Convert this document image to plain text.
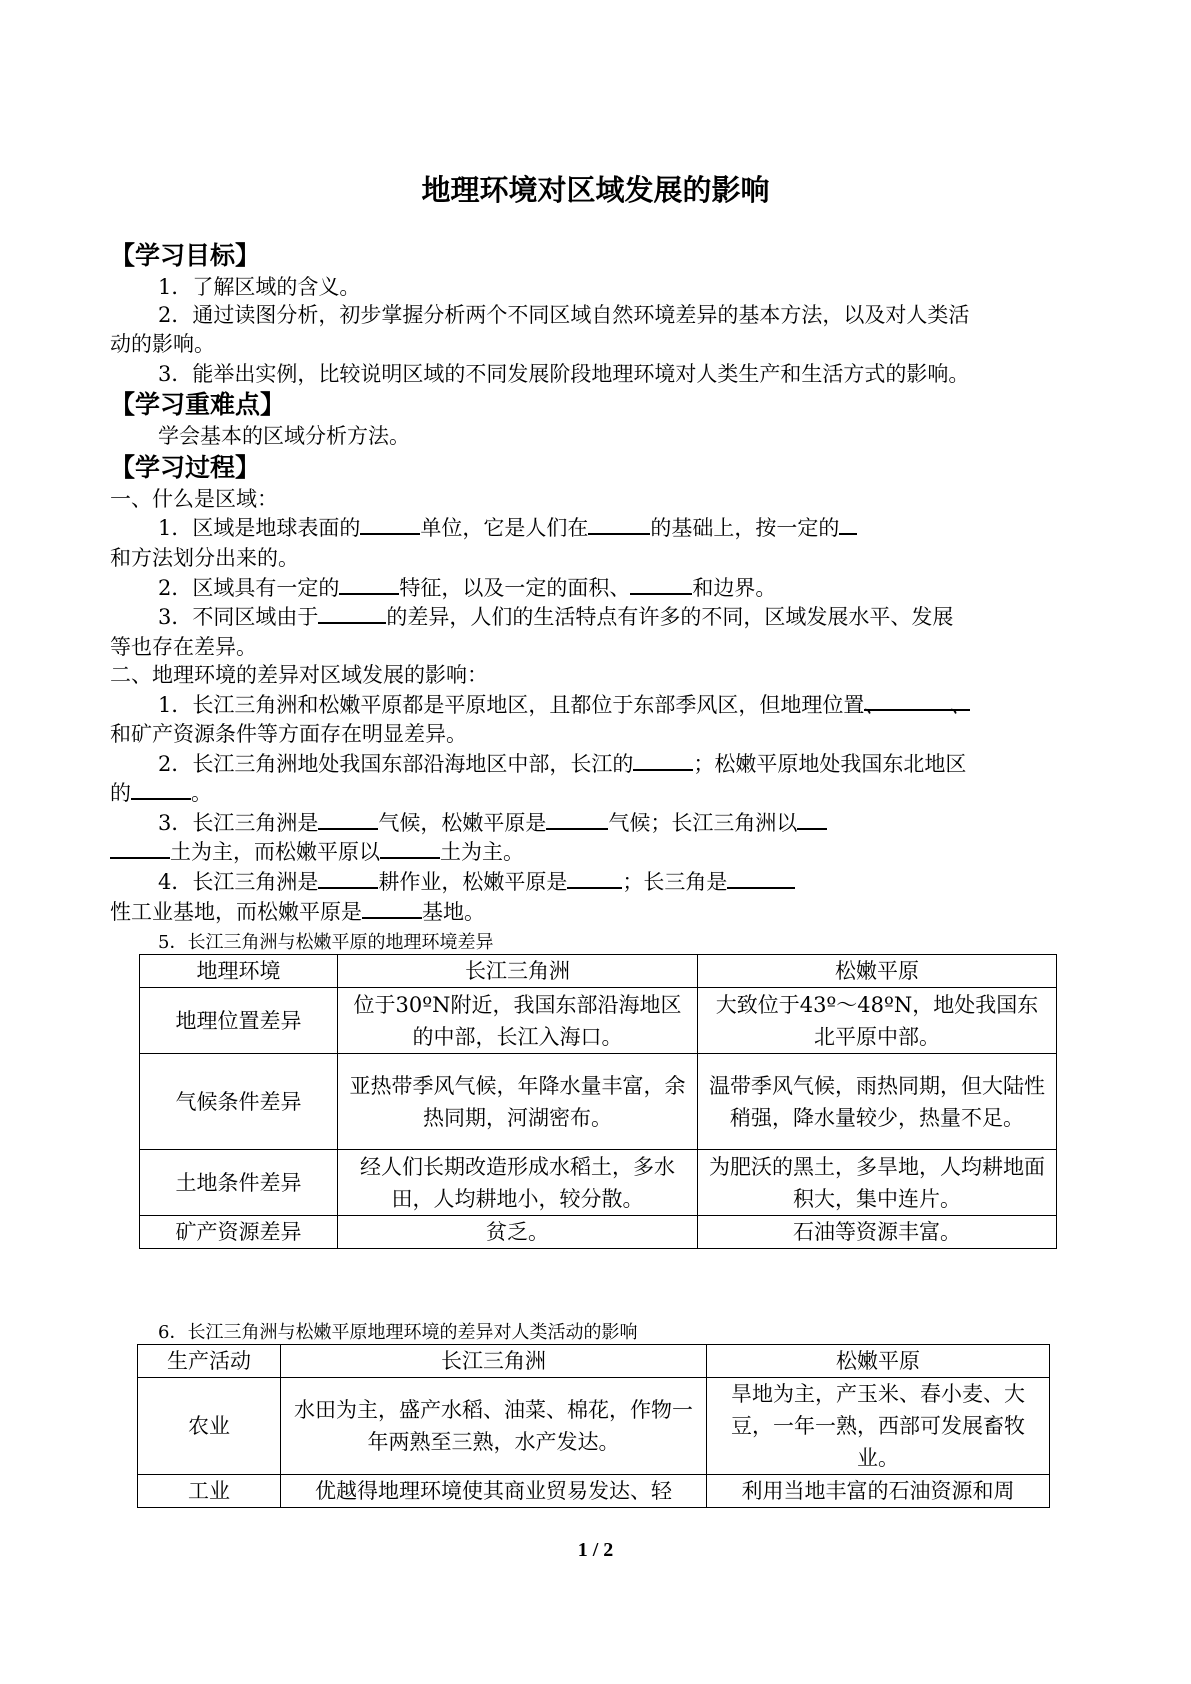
地理环境对区域发展的影响
【学习目标】
1．了解区域的含义。
2．通过读图分析，初步掌握分析两个不同区域自然环境差异的基本方法，以及对人类活
动的影响。
3．能举出实例，比较说明区域的不同发展阶段地理环境对人类生产和生活方式的影响。
【学习重难点】
学会基本的区域分析方法。
【学习过程】
一、什么是区域：
1．区域是地球表面的	单位，它是人们在	的基础上，按一定的
和方法划分出来的。
2．区域具有一定的	特征，以及一定的面积、	和边界。
3．不同区域由于	的差异，人们的生活特点有许多的不同，区域发展水平、发展
等也存在差异。
二、地理环境的差异对区域发展的影响：
1．长江三角洲和松嫩平原都是平原地区，且都位于东部季风区，但地理位置、	、
和矿产资源条件等方面存在明显差异。
2．长江三角洲地处我国东部沿海地区中部，长江的	；松嫩平原地处我国东北地区
的	。
3．长江三角洲是	气候，松嫩平原是	气候；长江三角洲以
土为主，而松嫩平原以	土为主。
4．长江三角洲是	耕作业，松嫩平原是	；长三角是
性工业基地，而松嫩平原是	基地。
5．长江三角洲与松嫩平原的地理环境差异
地理环境	长江三角洲	松嫩平原
地理位置差异	位于30ºN附近，我国东部沿海地区的中部，长江入海口。	大致位于43º～48ºN，地处我国东北平原中部。
气候条件差异	亚热带季风气候，年降水量丰富，余热同期，河湖密布。	温带季风气候，雨热同期，但大陆性稍强，降水量较少，热量不足。
土地条件差异	经人们长期改造形成水稻土，多水田，人均耕地小，较分散。	为肥沃的黑土，多旱地，人均耕地面积大，集中连片。
矿产资源差异	贫乏。	石油等资源丰富。
6．长江三角洲与松嫩平原地理环境的差异对人类活动的影响
生产活动	长江三角洲	松嫩平原
农业	水田为主，盛产水稻、油菜、棉花，作物一年两熟至三熟，水产发达。	旱地为主，产玉米、春小麦、大豆，一年一熟，西部可发展畜牧业。
工业	优越得地理环境使其商业贸易发达、轻	利用当地丰富的石油资源和周
1 / 2
